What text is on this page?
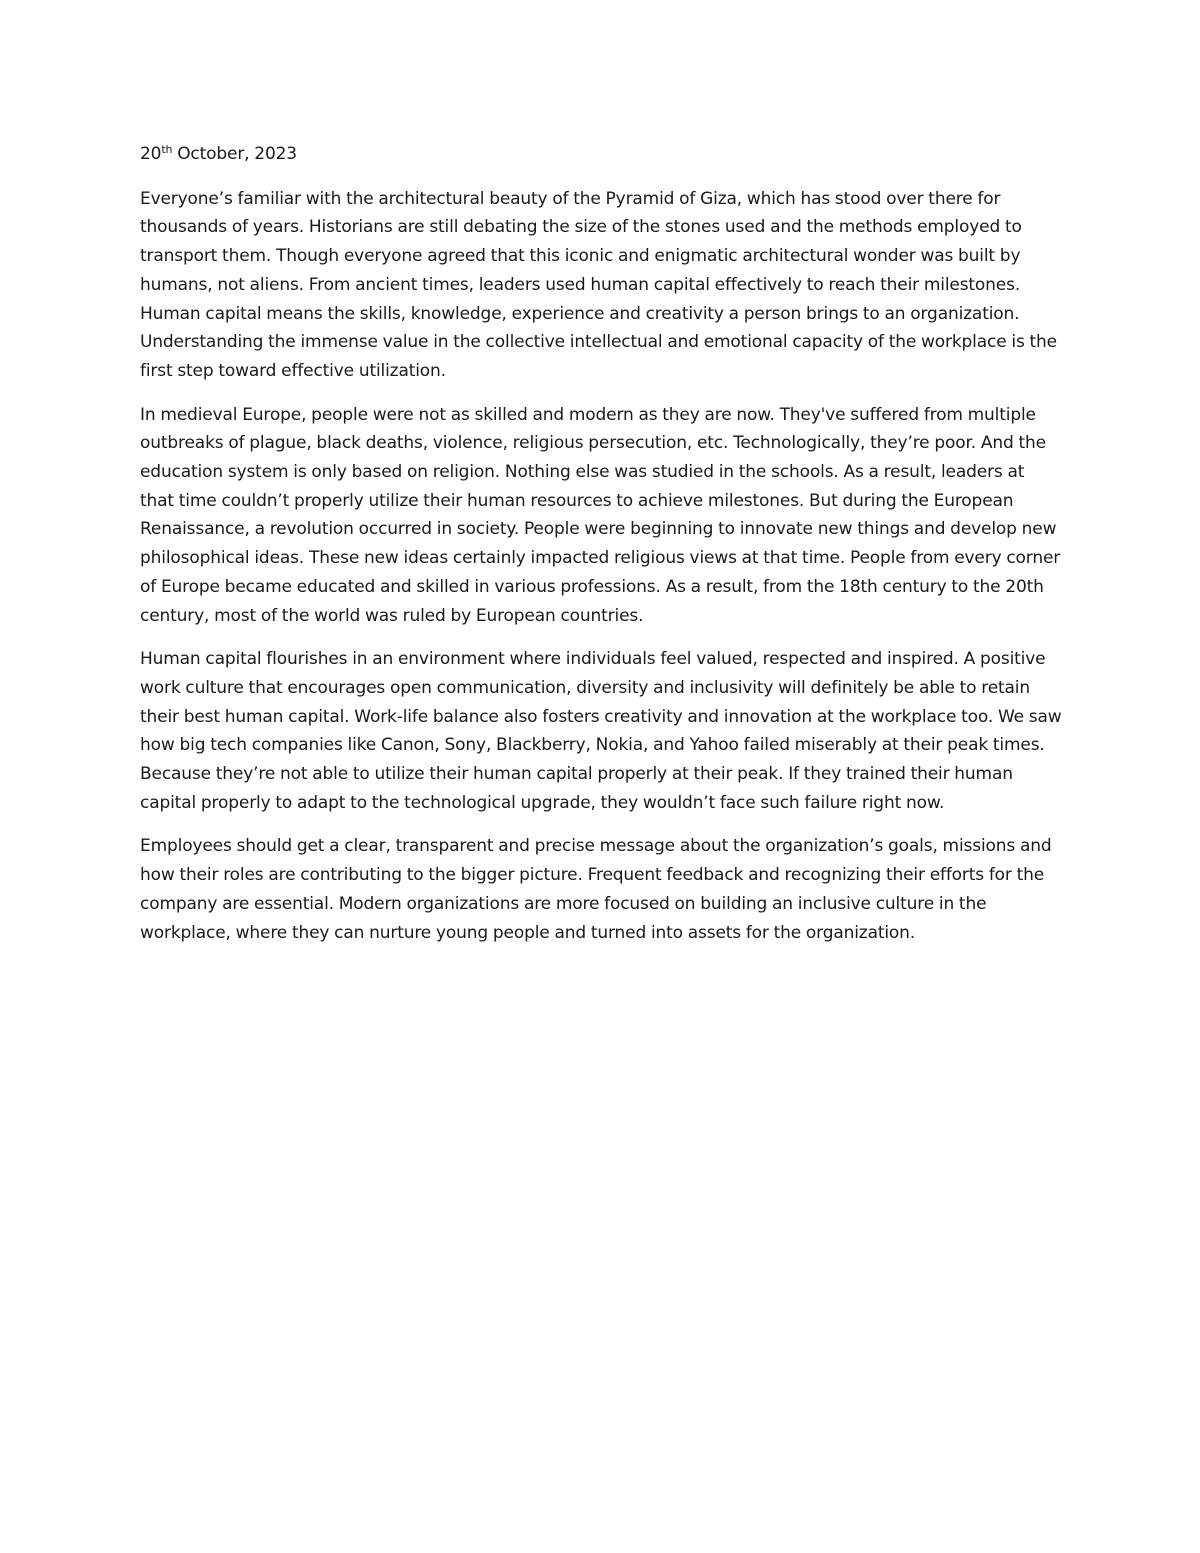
20th October, 2023

Everyone’s familiar with the architectural beauty of the Pyramid of Giza, which has stood over there for thousands of years. Historians are still debating the size of the stones used and the methods employed to transport them. Though everyone agreed that this iconic and enigmatic architectural wonder was built by humans, not aliens. From ancient times, leaders used human capital effectively to reach their milestones. Human capital means the skills, knowledge, experience and creativity a person brings to an organization. Understanding the immense value in the collective intellectual and emotional capacity of the workplace is the first step toward effective utilization.

In medieval Europe, people were not as skilled and modern as they are now. They've suffered from multiple outbreaks of plague, black deaths, violence, religious persecution, etc. Technologically, they’re poor. And the education system is only based on religion. Nothing else was studied in the schools. As a result, leaders at that time couldn’t properly utilize their human resources to achieve milestones. But during the European Renaissance, a revolution occurred in society. People were beginning to innovate new things and develop new philosophical ideas. These new ideas certainly impacted religious views at that time. People from every corner of Europe became educated and skilled in various professions. As a result, from the 18th century to the 20th century, most of the world was ruled by European countries.

Human capital flourishes in an environment where individuals feel valued, respected and inspired. A positive work culture that encourages open communication, diversity and inclusivity will definitely be able to retain their best human capital. Work-life balance also fosters creativity and innovation at the workplace too. We saw how big tech companies like Canon, Sony, Blackberry, Nokia, and Yahoo failed miserably at their peak times. Because they’re not able to utilize their human capital properly at their peak. If they trained their human capital properly to adapt to the technological upgrade, they wouldn’t face such failure right now.

Employees should get a clear, transparent and precise message about the organization’s goals, missions and how their roles are contributing to the bigger picture. Frequent feedback and recognizing their efforts for the company are essential. Modern organizations are more focused on building an inclusive culture in the workplace, where they can nurture young people and turned into assets for the organization.
